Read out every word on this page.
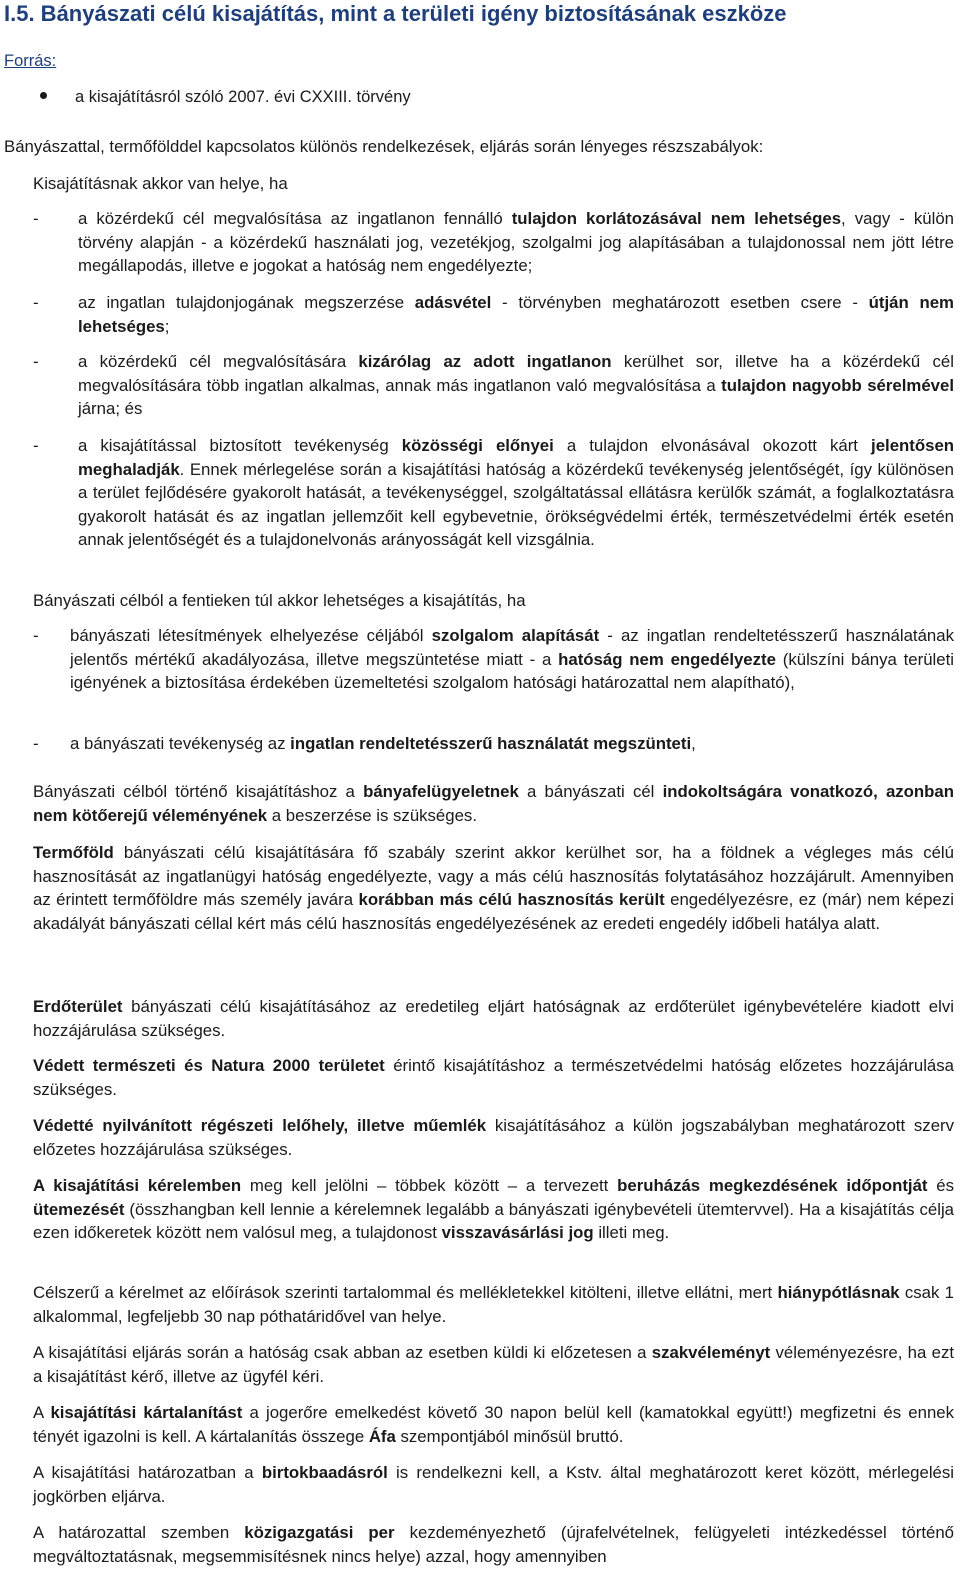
I.5. Bányászati célú kisajátítás, mint a területi igény biztosításának eszköze
Forrás:
a kisajátításról szóló 2007. évi CXXIII. törvény
Bányászattal, termőfölddel kapcsolatos különös rendelkezések, eljárás során lényeges részszabályok:
Kisajátításnak akkor van helye, ha
-	a közérdekű cél megvalósítása az ingatlanon fennálló tulajdon korlátozásával nem lehetséges, vagy - külön törvény alapján - a közérdekű használati jog, vezetékjog, szolgalmi jog alapításában a tulajdonossal nem jött létre megállapodás, illetve e jogokat a hatóság nem engedélyezte;
-	az ingatlan tulajdonjogának megszerzése adásvétel - törvényben meghatározott esetben csere - útján nem lehetséges;
-	a közérdekű cél megvalósítására kizárólag az adott ingatlanon kerülhet sor, illetve ha a közérdekű cél megvalósítására több ingatlan alkalmas, annak más ingatlanon való megvalósítása a tulajdon nagyobb sérelmével járna; és
-	a kisajátítással biztosított tevékenység közösségi előnyei a tulajdon elvonásával okozott kárt jelentősen meghaladják. Ennek mérlegelése során a kisajátítási hatóság a közérdekű tevékenység jelentőségét, így különösen a terület fejlődésére gyakorolt hatását, a tevékenységgel, szolgáltatással ellátásra kerülők számát, a foglalkoztatásra gyakorolt hatását és az ingatlan jellemzőit kell egybevetnie, örökségvédelmi érték, természetvédelmi érték esetén annak jelentőségét és a tulajdonelvonás arányosságát kell vizsgálnia.
Bányászati célból a fentieken túl akkor lehetséges a kisajátítás, ha
-	bányászati létesítmények elhelyezése céljából szolgalom alapítását - az ingatlan rendeltetésszerű használatának jelentős mértékű akadályozása, illetve megszüntetése miatt - a hatóság nem engedélyezte (külszíni bánya területi igényének a biztosítása érdekében üzemeltetési szolgalom hatósági határozattal nem alapítható),
-	a bányászati tevékenység az ingatlan rendeltetésszerű használatát megszünteti,
Bányászati célból történő kisajátításhoz a bányafelügyeletnek a bányászati cél indokoltságára vonatkozó, azonban nem kötőerejű véleményének a beszerzése is szükséges.
Termőföld bányászati célú kisajátítására fő szabály szerint akkor kerülhet sor, ha a földnek a végleges más célú hasznosítását az ingatlanügyi hatóság engedélyezte, vagy a más célú hasznosítás folytatásához hozzájárult. Amennyiben az érintett termőföldre más személy javára korábban más célú hasznosítás került engedélyezésre, ez (már) nem képezi akadályát bányászati céllal kért más célú hasznosítás engedélyezésének az eredeti engedély időbeli hatálya alatt.
Erdőterület bányászati célú kisajátításához az eredetileg eljárt hatóságnak az erdőterület igénybevételére kiadott elvi hozzájárulása szükséges.
Védett természeti és Natura 2000 területet érintő kisajátításhoz a természetvédelmi hatóság előzetes hozzájárulása szükséges.
Védetté nyilvánított régészeti lelőhely, illetve műemlék kisajátításához a külön jogszabályban meghatározott szerv előzetes hozzájárulása szükséges.
A kisajátítási kérelemben meg kell jelölni – többek között – a tervezett beruházás megkezdésének időpontját és ütemezését (összhangban kell lennie a kérelemnek legalább a bányászati igénybevételi ütemtervvel). Ha a kisajátítás célja ezen időkeretek között nem valósul meg, a tulajdonost visszavásárlási jog illeti meg.
Célszerű a kérelmet az előírások szerinti tartalommal és mellékletekkel kitölteni, illetve ellátni, mert hiánypótlásnak csak 1 alkalommal, legfeljebb 30 nap póthatáridővel van helye.
A kisajátítási eljárás során a hatóság csak abban az esetben küldi ki előzetesen a szakvéleményt véleményezésre, ha ezt a kisajátítást kérő, illetve az ügyfél kéri.
A kisajátítási kártalanítást a jogerőre emelkedést követő 30 napon belül kell (kamatokkal együtt!) megfizetni és ennek tényét igazolni is kell. A kártalanítás összege Áfa szempontjából minősül bruttó.
A kisajátítási határozatban a birtokbaadásról is rendelkezni kell, a Kstv. által meghatározott keret között, mérlegelési jogkörben eljárva.
A határozattal szemben közigazgatási per kezdeményezhető (újrafelvételnek, felügyeleti intézkedéssel történő megváltoztatásnak, megsemmisítésnek nincs helye) azzal, hogy amennyiben
